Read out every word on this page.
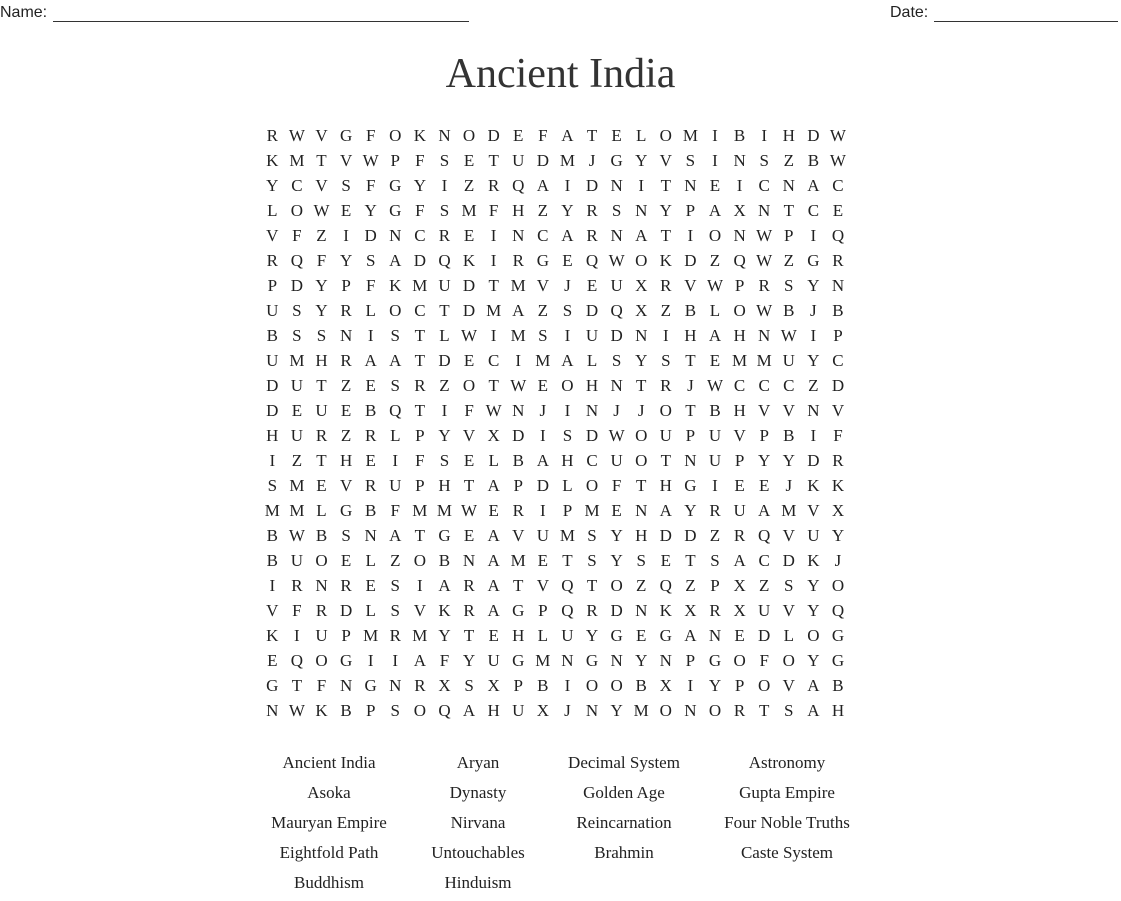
Name:	Date:
Ancient India
R W V G F O K N O D E F A T E L O M I B I H D W
K M T V W P F S E T U D M J G Y V S	I N S Z B W
Y C V S F G Y I Z R Q A I D N I T N E I C N A C
L O W E Y G F S M F H Z Y R S N Y P A X N T C E
V F Z I D N C R E I N C A R N A T I O N W P	I Q
R Q F Y S A D Q K I R G E Q W O K D Z Q W Z G R
P D Y P F K M U D T M V J E U X R V W P R S Y N
U S Y R L O C T D M A Z S D Q X Z B L O W B J B
B S S N I	S T L W I M S	I U D N I H A H N W I	P
U M H R A A T D E C I M A L S Y S T E M M U Y C
D U T Z E S R Z O T W E O H N T R J W C C C Z D
D E U E B Q T I	F W N J	I N J	J O T B H V V N V
H U R Z R L P Y V X D I	S D W O U P U V P B I	F
I Z T H E I	F S E L B A H C U O T N U P Y Y D R
S M E V R U P H T A P D L O F T H G I E E J K K
M M L G B F M M W E R I	P M E N A Y R U A M V X
B W B S N A T G E A V U M S Y H D D Z R Q V U Y
B U O E L Z O B N A M E T S Y S E T S A C D K J
I R N R E S	I A R A T V Q T O Z Q Z P X Z S Y O
V F R D L S V K R A G P Q R D N K X R X U V Y Q
K I U P M R M Y T E H L U Y G E G A N E D L O G
E Q O G I	I A F Y U G M N G N Y N P G O F O Y G
G T F N G N R X S X P B I O O B X I Y P O V A B
N W K B P S O Q A H U X J N Y M O N O R T S A H
Ancient India	Aryan	Decimal System	Astronomy
Asoka	Dynasty	Golden Age	Gupta Empire
Mauryan Empire	Nirvana	Reincarnation	Four Noble Truths
Eightfold Path	Untouchables	Brahmin	Caste System
Buddhism	Hinduism
